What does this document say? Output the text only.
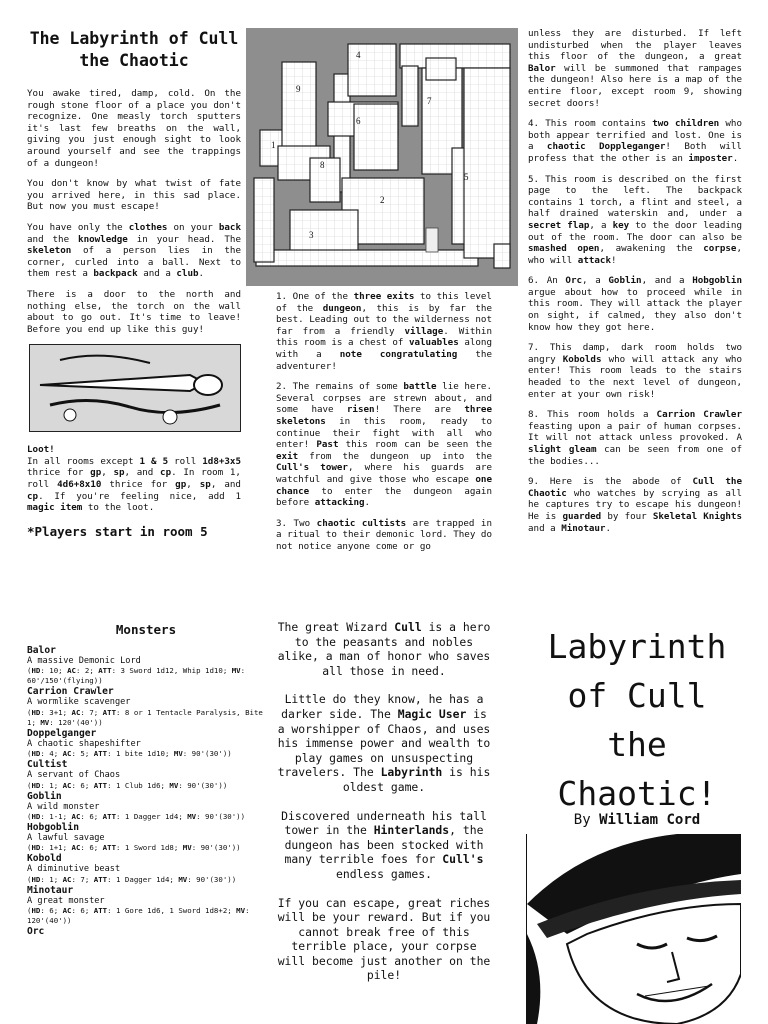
The Labyrinth of Cull the Chaotic

You awake tired, damp, cold. On the rough stone floor of a place you don't recognize. One measly torch sputters it's last few breaths on the wall, giving you just enough sight to look around yourself and see the trappings of a dungeon!

You don't know by what twist of fate you arrived here, in this sad place. But now you must escape!

You have only the clothes on your back and the knowledge in your head. The skeleton of a person lies in the corner, curled into a ball. Next to them rest a backpack and a club.

There is a door to the north and nothing else, the torch on the wall about to go out. It's time to leave! Before you end up like this guy!

Loot!
In all rooms except 1 & 5 roll 1d8+3x5 thrice for gp, sp, and cp. In room 1, roll 4d6+8x10 thrice for gp, sp, and cp. If you're feeling nice, add 1 magic item to the loot.
*Players start in room 5
1
2
3
4
5
6
7
8
9

1. One of the three exits to this level of the dungeon, this is by far the best. Leading out to the wilderness not far from a friendly village. Within this room is a chest of valuables along with a note congratulating the adventurer!

2. The remains of some battle lie here. Several corpses are strewn about, and some have risen! There are three skeletons in this room, ready to continue their fight with all who enter! Past this room can be seen the exit from the dungeon up into the Cull's tower, where his guards are watchful and give those who escape one chance to enter the dungeon again before attacking.

3. Two chaotic cultists are trapped in a ritual to their demonic lord. They do not notice anyone come or go

unless they are disturbed. If left undisturbed when the player leaves this floor of the dungeon, a great Balor will be summoned that rampages the dungeon! Also here is a map of the entire floor, except room 9, showing secret doors!

4. This room contains two children who both appear terrified and lost. One is a chaotic Doppleganger! Both will profess that the other is an imposter.

5. This room is described on the first page to the left. The backpack contains 1 torch, a flint and steel, a half drained waterskin and, under a secret flap, a key to the door leading out of the room. The door can also be smashed open, awakening the corpse, who will attack!

6. An Orc, a Goblin, and a Hobgoblin argue about how to proceed while in this room. They will attack the player on sight, if calmed, they also don't know how they got here.

7. This damp, dark room holds two angry Kobolds who will attack any who enter! This room leads to the stairs headed to the next level of dungeon, enter at your own risk!

8. This room holds a Carrion Crawler feasting upon a pair of human corpses. It will not attack unless provoked. A slight gleam can be seen from one of the bodies...

9. Here is the abode of Cull the Chaotic who watches by scrying as all he captures try to escape his dungeon! He is guarded by four Skeletal Knights and a Minotaur.

Monsters
Balor
A massive Demonic Lord
(HD: 10; AC: 2; ATT: 3 Sword 1d12, Whip 1d10; MV: 60'/150'(flying))
Carrion Crawler
A wormlike scavenger
(HD: 3+1; AC: 7; ATT: 8 or 1 Tentacle Paralysis, Bite 1; MV: 120'(40'))
Doppelganger
A chaotic shapeshifter
(HD: 4; AC: 5; ATT: 1 bite 1d10; MV: 90'(30'))
Cultist
A servant of Chaos
(HD: 1; AC: 6; ATT: 1 Club 1d6; MV: 90'(30'))
Goblin
A wild monster
(HD: 1-1; AC: 6; ATT: 1 Dagger 1d4; MV: 90'(30'))
Hobgoblin
A lawful savage
(HD: 1+1; AC: 6; ATT: 1 Sword 1d8; MV: 90'(30'))
Kobold
A diminutive beast
(HD: 1; AC: 7; ATT: 1 Dagger 1d4; MV: 90'(30'))
Minotaur
A great monster
(HD: 6; AC: 6; ATT: 1 Gore 1d6, 1 Sword 1d8+2; MV: 120'(40'))
Orc

The great Wizard Cull is a hero to the peasants and nobles alike, a man of honor who saves all those in need.

Little do they know, he has a darker side. The Magic User is a worshipper of Chaos, and uses his immense power and wealth to play games on unsuspecting travelers. The Labyrinth is his oldest game.

Discovered underneath his tall tower in the Hinterlands, the dungeon has been stocked with many terrible foes for Cull's endless games.

If you can escape, great riches will be your reward. But if you cannot break free of this terrible place, your corpse will become just another on the pile!

Labyrinth
of Cull
the
Chaotic!
By William Cord
